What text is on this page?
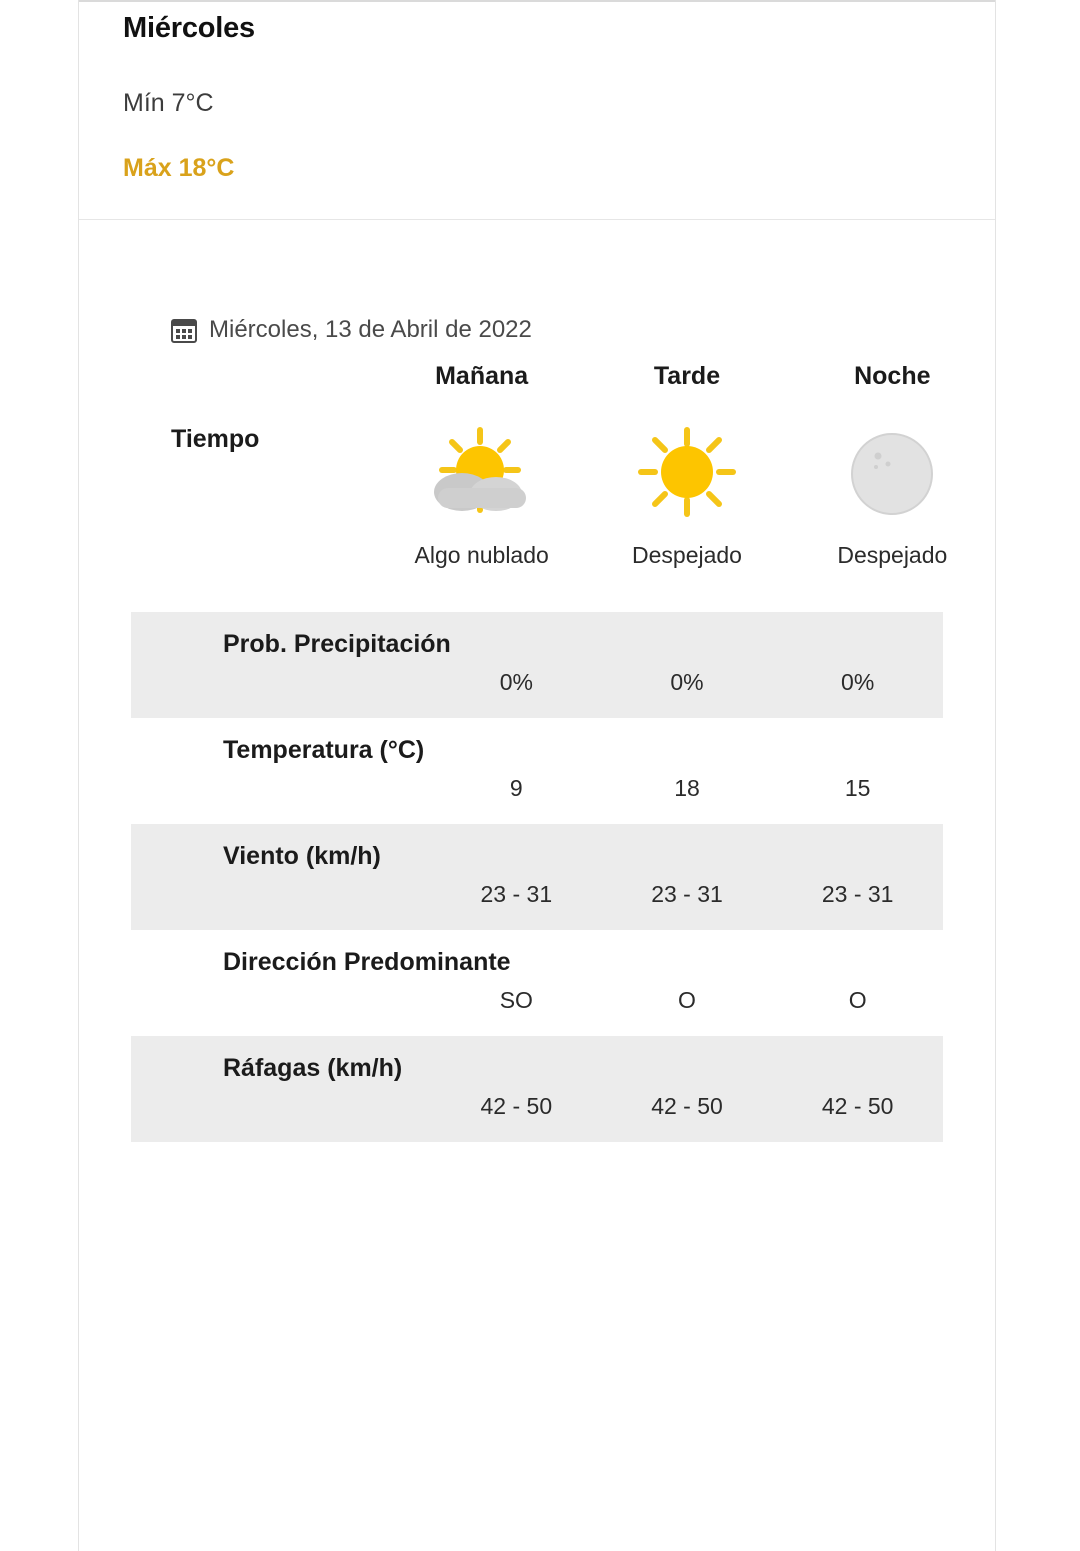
Miércoles
Mín 7°C
Máx 18°C
Miércoles, 13 de Abril de 2022
Mañana	Tarde	Noche
Tiempo
Algo nublado	Despejado	Despejado
Prob. Precipitación
0%	0%	0%
Temperatura (°C)
9	18	15
Viento (km/h)
23 - 31	23 - 31	23 - 31
Dirección Predominante
SO	O	O
Ráfagas (km/h)
42 - 50	42 - 50	42 - 50
